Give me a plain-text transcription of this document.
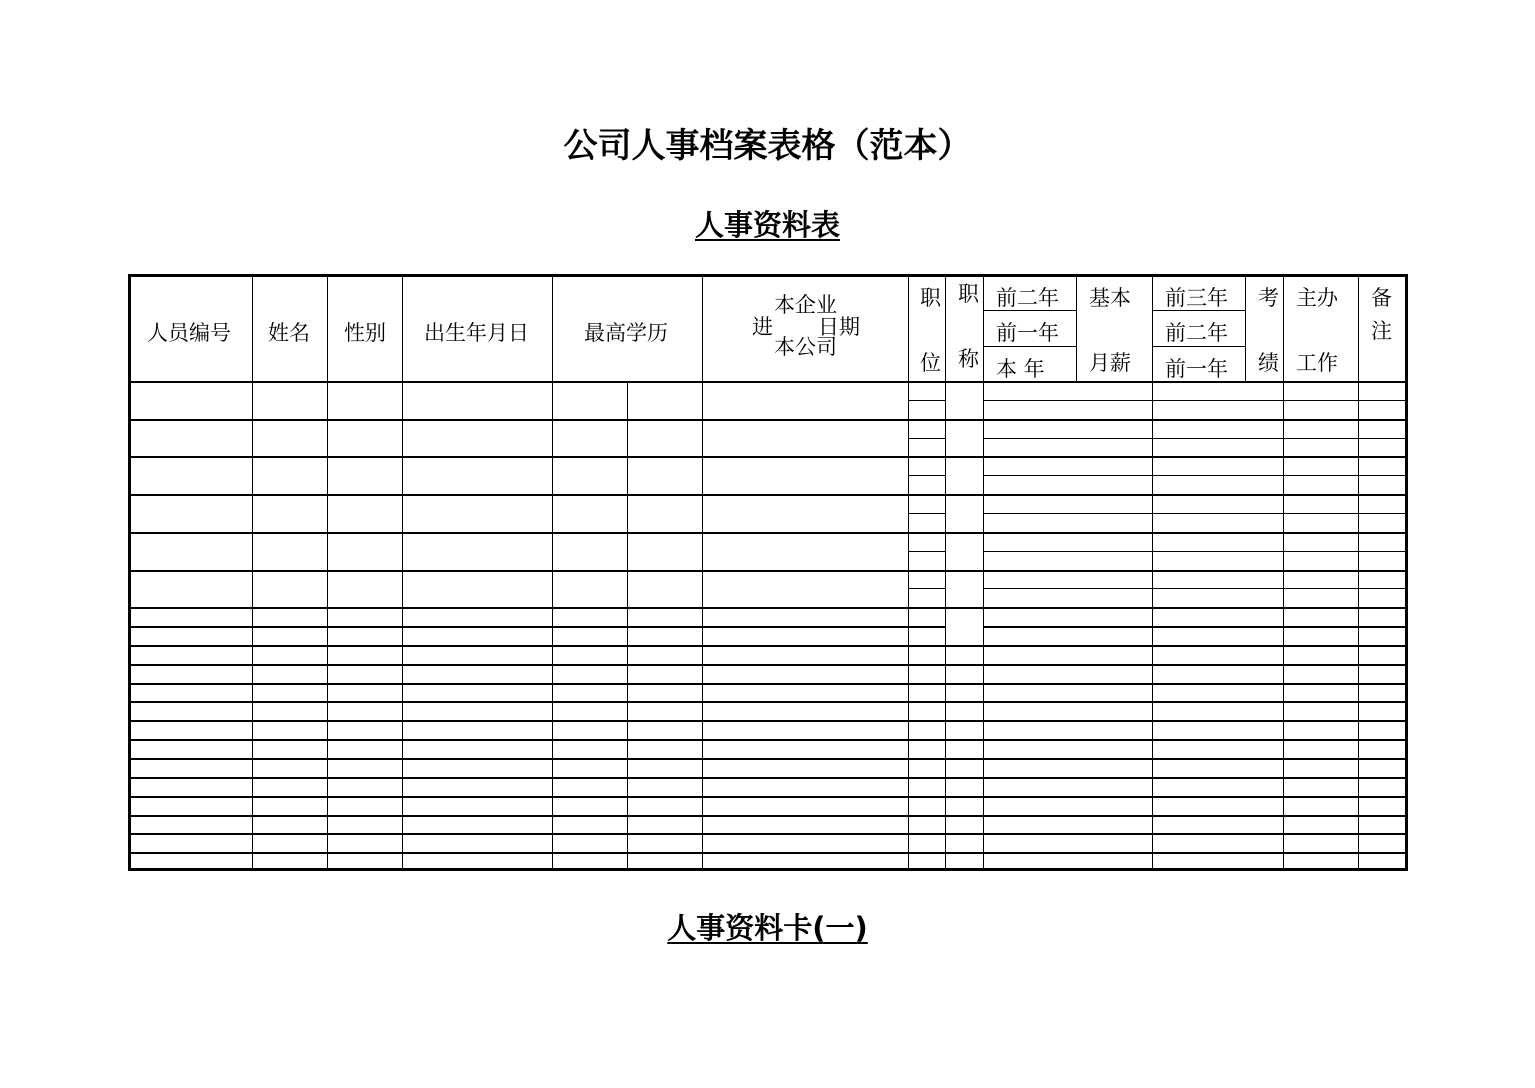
公司人事档案表格（范本）
人事资料表
人员编号 姓名 性别 出生年月日	最高学历
本企业
进 日期
本公司
职
位
职
称
前二年
前一年
本 年
基本
月薪
前三年
前二年
前一年
考
绩
主办
工作
备
注
人事资料卡(一)
